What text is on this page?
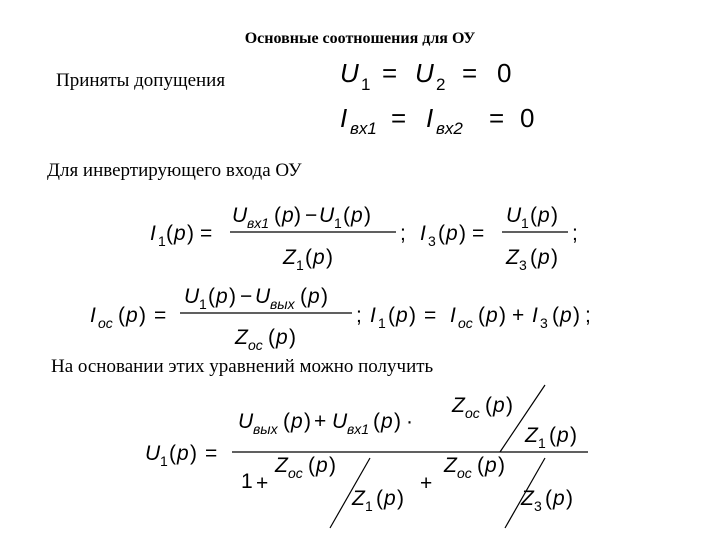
Основные соотношения для ОУ
Приняты допущения
Для инвертирующего входа ОУ
На основании этих уравнений можно получить
U 1 = U 2 = 0
I вх1 = I вх2 = 0
I 1 ( p ) =
U вх1 ( p ) − U 1 ( p )
Z 1 ( p )
; I 3 ( p ) =
U 1 ( p )
Z 3 ( p )
;
I ос ( p ) =
U 1 ( p ) − U вых ( p )
Z ос ( p )
; I 1 ( p ) = I ос ( p ) + I 3 ( p ) ;
U 1 ( p ) =
U вых ( p ) + U вх1 ( p ) ·
Z ос ( p )
Z 1 ( p )
1 +
Z ос ( p )
Z 1 ( p )
+
Z ос ( p )
Z 3 ( p )
